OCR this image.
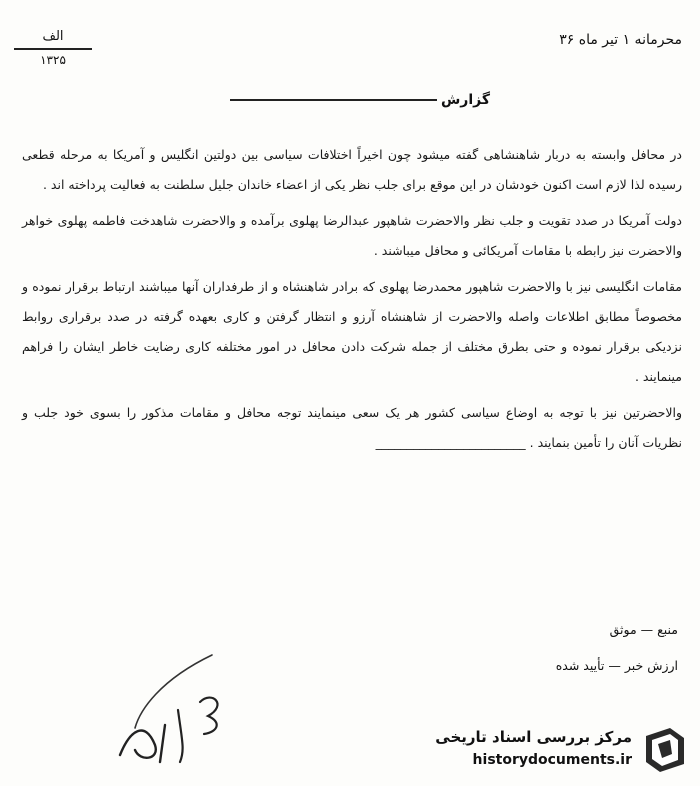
الف
۱۳۲۵
محرمانه ۱ تیر ماه ۳۶
گزارش

در محافل وابسته به دربار شاهنشاهی گفته میشود چون اخیراً اختلافات سیاسی بین دولتین انگلیس و آمریکا به مرحله قطعی رسیده لذا لازم است اکنون خودشان در این موقع برای جلب نظر یکی از اعضاء خاندان جلیل سلطنت به فعالیت پرداخته اند .

دولت آمریکا در صدد تقویت و جلب نظر والاحضرت شاهپور عبدالرضا پهلوی برآمده و والاحضرت شاهدخت فاطمه پهلوی خواهر والاحضرت نیز رابطه با مقامات آمریکائی و محافل میباشند .

مقامات انگلیسی نیز با والاحضرت شاهپور محمدرضا پهلوی که برادر شاهنشاه و از طرفداران آنها میباشند ارتباط برقرار نموده و مخصوصاً مطابق اطلاعات واصله والاحضرت از شاهنشاه آرزو و انتظار گرفتن و کاری بعهده گرفته در صدد برقراری روابط نزدیکی برقرار نموده و حتی بطرق مختلف از جمله شرکت دادن محافل در امور مختلفه کاری رضایت خاطر ایشان را فراهم مینمایند .

والاحضرتین نیز با توجه به اوضاع سیاسی کشور هر یک سعی مینمایند توجه محافل و مقامات مذکور را بسوی خود جلب و نظریات آنان را تأمین بنمایند . ________________________

منبع — موثق
ارزش خبر — تأیید شده
مرکز بررسی اسناد تاریخی
historydocuments.ir
